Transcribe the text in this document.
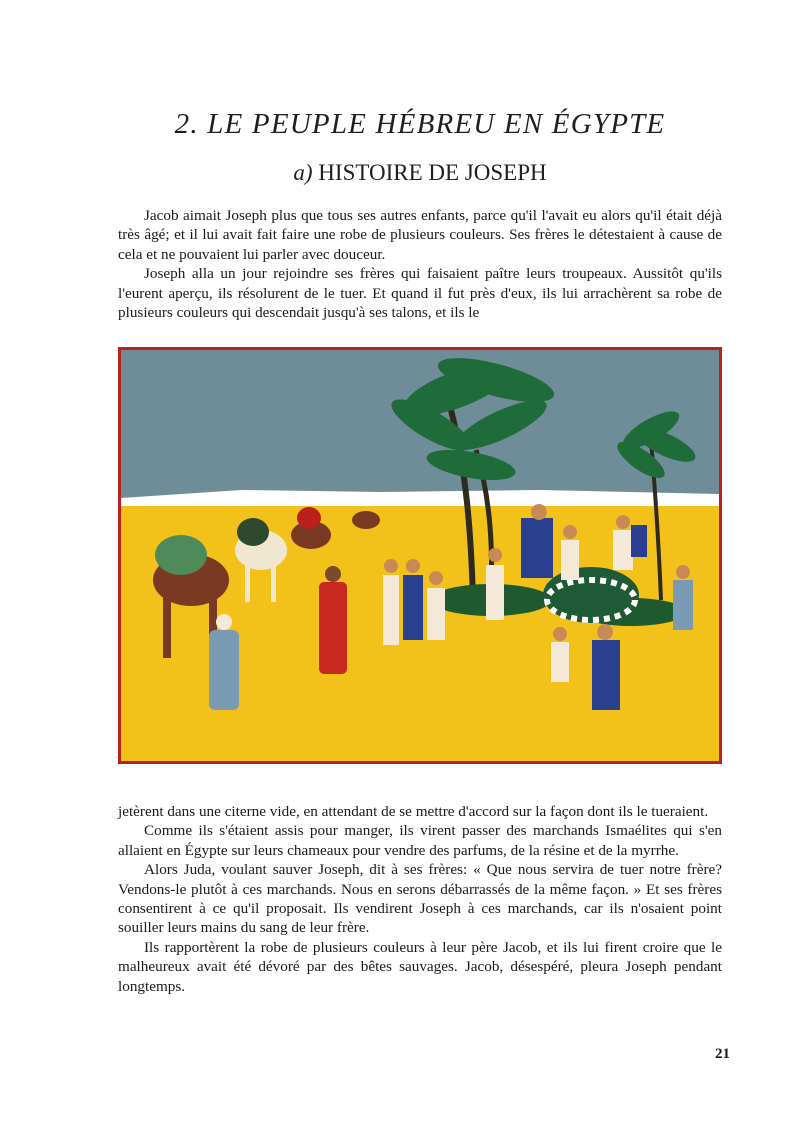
2. LE PEUPLE HÉBREU EN ÉGYPTE
a) HISTOIRE DE JOSEPH

Jacob aimait Joseph plus que tous ses autres enfants, parce qu'il l'avait eu alors qu'il était déjà très âgé; et il lui avait fait faire une robe de plusieurs couleurs. Ses frères le détestaient à cause de cela et ne pouvaient lui parler avec douceur.

Joseph alla un jour rejoindre ses frères qui faisaient paître leurs troupeaux. Aussitôt qu'ils l'eurent aperçu, ils résolurent de le tuer. Et quand il fut près d'eux, ils lui arrachèrent sa robe de plusieurs couleurs qui descendait jusqu'à ses talons, et ils le

jetèrent dans une citerne vide, en attendant de se mettre d'accord sur la façon dont ils le tueraient.

Comme ils s'étaient assis pour manger, ils virent passer des marchands Ismaélites qui s'en allaient en Égypte sur leurs chameaux pour vendre des parfums, de la résine et de la myrrhe.

Alors Juda, voulant sauver Joseph, dit à ses frères: « Que nous servira de tuer notre frère? Vendons-le plutôt à ces marchands. Nous en serons débarrassés de la même façon. » Et ses frères consentirent à ce qu'il proposait. Ils vendirent Joseph à ces marchands, car ils n'osaient point souiller leurs mains du sang de leur frère.

Ils rapportèrent la robe de plusieurs couleurs à leur père Jacob, et ils lui firent croire que le malheureux avait été dévoré par des bêtes sauvages. Jacob, désespéré, pleura Joseph pendant longtemps.

21
